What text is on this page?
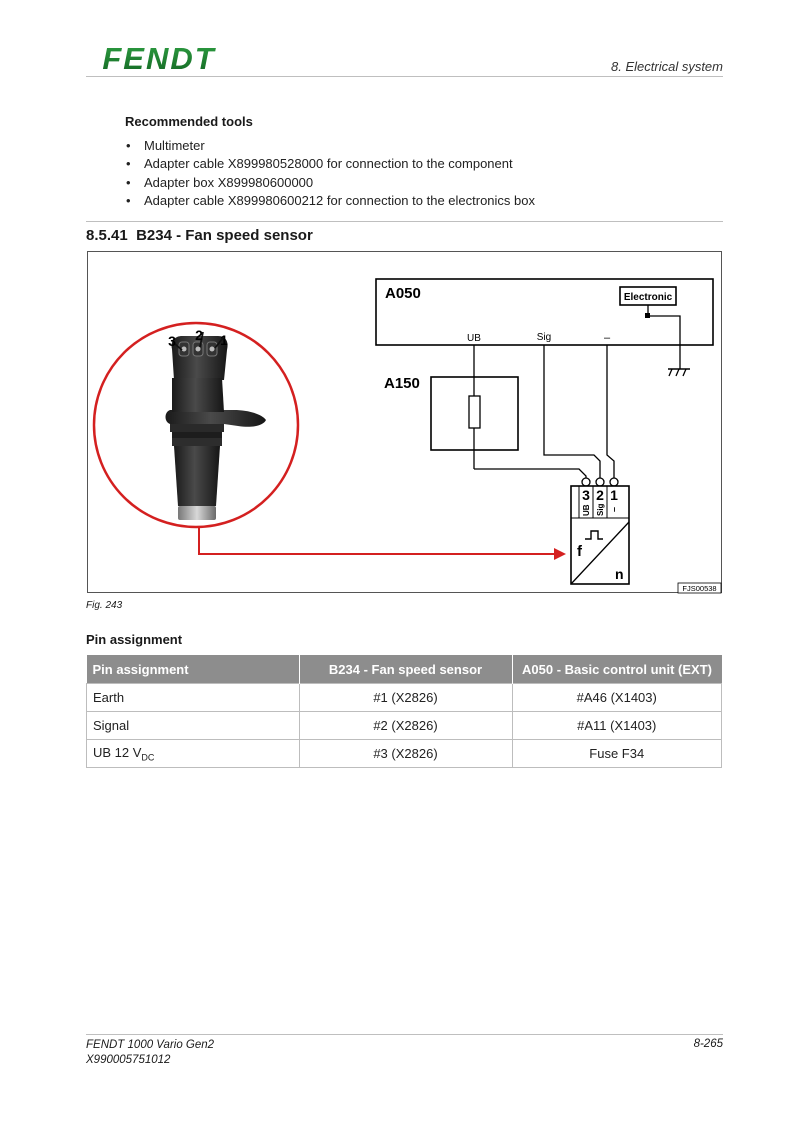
FENDT	8. Electrical system
Recommended tools
• Multimeter
• Adapter cable X899980528000 for connection to the component
• Adapter box X899980600000
• Adapter cable X899980600212 for connection to the electronics box
8.5.41 B234 - Fan speed sensor
A050	Electronic
UB	Sig	–
A150
3 2 1
UB Sig –
f
n
FJS00538
3 2 1
Fig. 243
Pin assignment
Pin assignment	B234 - Fan speed sensor	A050 - Basic control unit (EXT)
Earth	#1 (X2826)	#A46 (X1403)
Signal	#2 (X2826)	#A11 (X1403)
UB 12 $V_{DC}$	#3 (X2826)	Fuse F34
FENDT 1000 Vario Gen2
X990005751012
8-265
